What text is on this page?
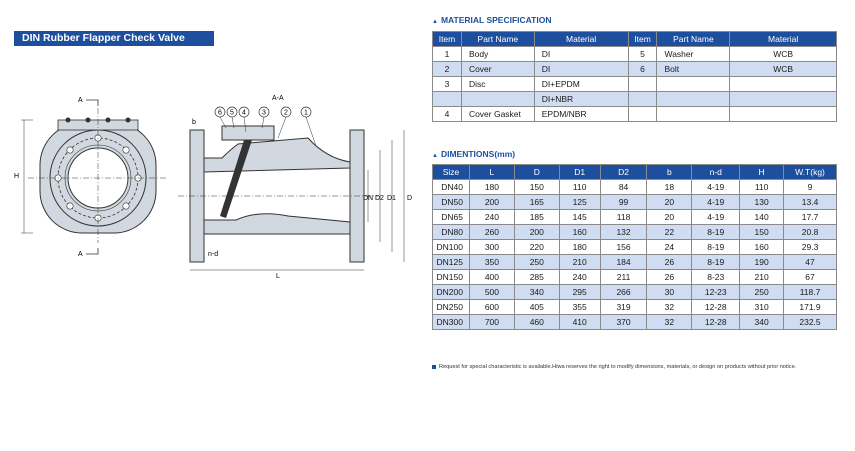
DIN Rubber Flapper Check Valve
H
A
A
L
b
n-d
A-A
DN D2 D1 D
6 5 4 3	2 1
▲ MATERIAL SPECIFICATION
Item	Part Name	Material	Item	Part Name	Material
1	Body	DI	5	Washer	WCB
2	Cover	DI	6	Bolt	WCB
3	Disc	DI+EPDM			
		DI+NBR			
4	Cover Gasket	EPDM/NBR			
▲ DIMENTIONS(mm)
Size	L	D	D1	D2	b	n-d	H	W.T(kg)
DN40	180	150	110	84	18	4-19	110	9
DN50	200	165	125	99	20	4-19	130	13.4
DN65	240	185	145	118	20	4-19	140	17.7
DN80	260	200	160	132	22	8-19	150	20.8
DN100	300	220	180	156	24	8-19	160	29.3
DN125	350	250	210	184	26	8-19	190	47
DN150	400	285	240	211	26	8-23	210	67
DN200	500	340	295	266	30	12-23	250	118.7
DN250	600	405	355	319	32	12-28	310	171.9
DN300	700	460	410	370	32	12-28	340	232.5
Request for special characteristic is available.Hiwa reserves the right to modify dimensions, materials, or design on products without prior notice.
